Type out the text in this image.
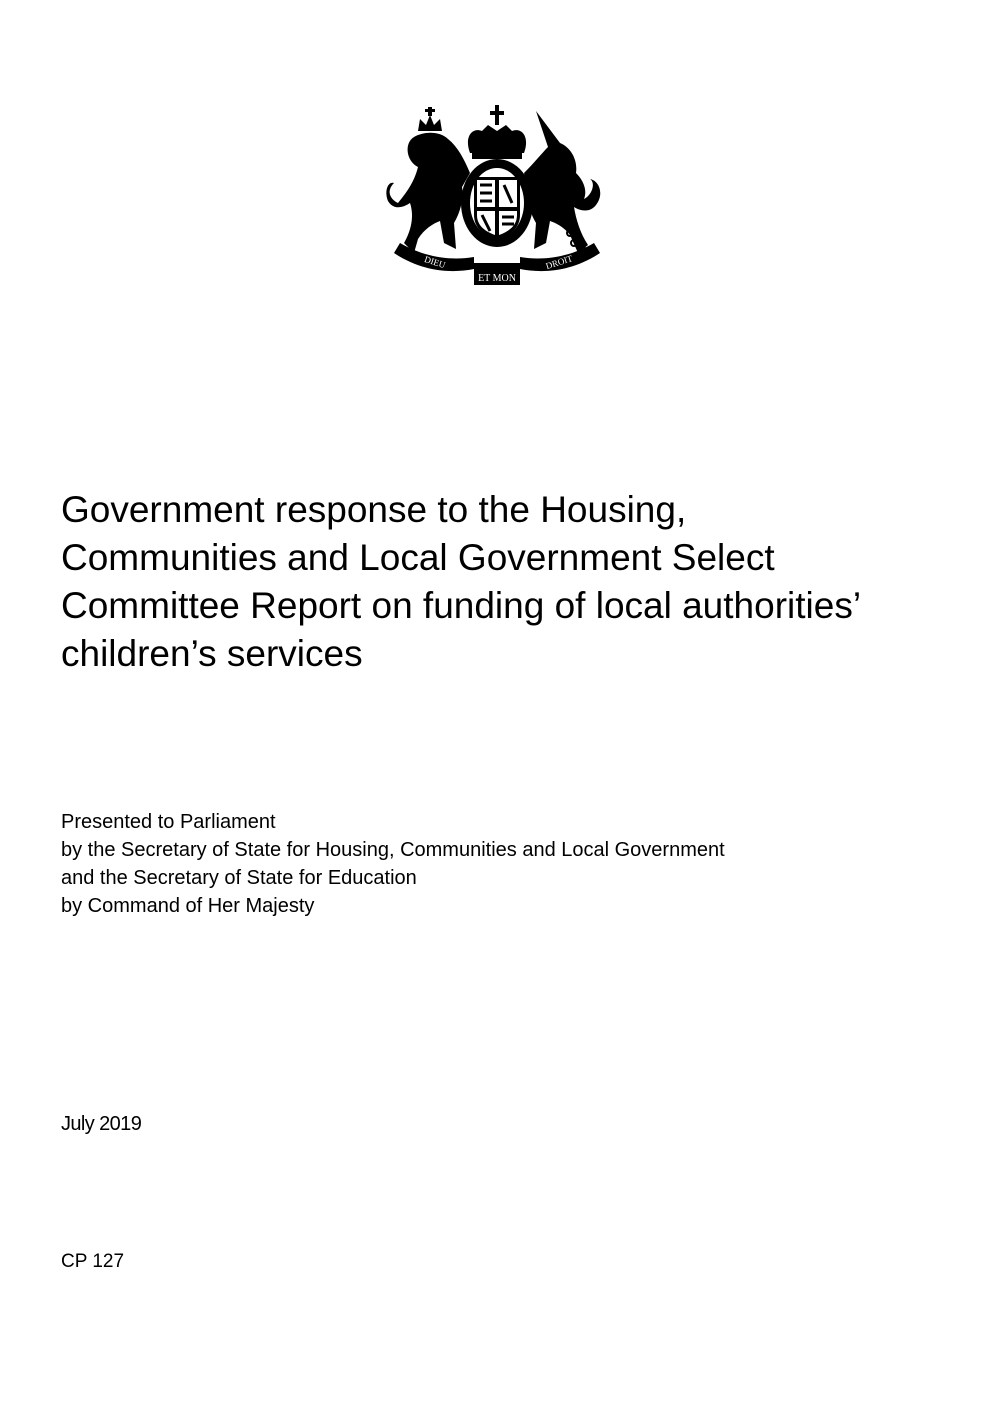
ET MON
DIEU	DROIT
Government response to the Housing,
Communities and Local Government Select
Committee Report on funding of local authorities’
children’s services
Presented to Parliament
by the Secretary of State for Housing, Communities and Local Government
and the Secretary of State for Education
by Command of Her Majesty
July 2019
CP 127
